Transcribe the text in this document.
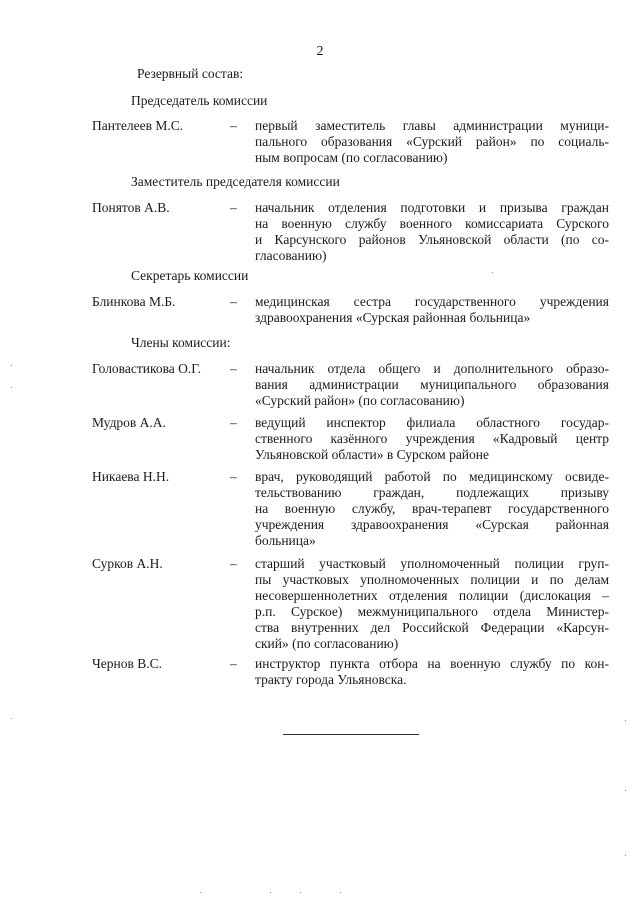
2
Резервный состав:
Председатель комиссии
Пантелеев М.С.	– первый заместитель главы администрации муници-
пального образования «Сурский район» по социаль-
ным вопросам (по согласованию)
Заместитель председателя комиссии
Понятов А.В.	– начальник отделения подготовки и призыва граждан
на военную службу военного комиссариата Сурского
и Карсунского районов Ульяновской области (по со-
гласованию)
Секретарь комиссии
Блинкова М.Б.	– медицинская сестра государственного учреждения
здравоохранения «Сурская районная больница»
Члены комиссии:
Головастикова О.Г. – начальник отдела общего и дополнительного образо-
вания администрации муниципального образования
«Сурский район» (по согласованию)
Мудров А.А.	– ведущий инспектор филиала областного государ-
ственного казённого учреждения «Кадровый центр
Ульяновской области» в Сурском районе
Никаева Н.Н.	– врач, руководящий работой по медицинскому освиде-
тельствованию граждан, подлежащих призыву
на военную службу, врач-терапевт государственного
учреждения здравоохранения «Сурская районная
больница»
Сурков А.Н.	– старший участковый уполномоченный полиции груп-
пы участковых уполномоченных полиции и по делам
несовершеннолетних отделения полиции (дислокация –
р.п. Сурское) межмуниципального отдела Министер-
ства внутренних дел Российской Федерации «Карсун-
ский» (по согласованию)
Чернов В.С.	– инструктор пункта отбора на военную службу по кон-
тракту города Ульяновска.
